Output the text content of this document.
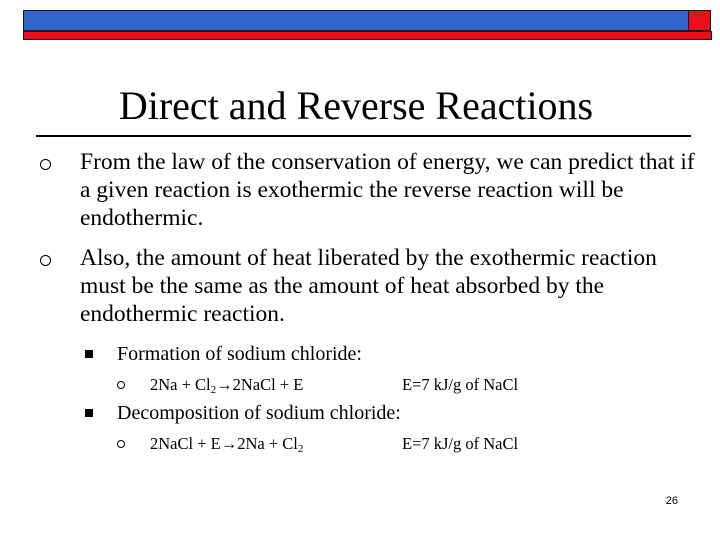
Direct and Reverse Reactions

From the law of the conservation of energy, we can predict that if a given reaction is exothermic the reverse reaction will be endothermic.

Also, the amount of heat liberated by the exothermic reaction must be the same as the amount of heat absorbed by the endothermic reaction.

Formation of sodium chloride:

$2Na + Cl_2\to 2NaCl + E$	E=7 kJ/g of NaCl

Decomposition of sodium chloride:

2NaCl + $E\to 2Na + Cl_2$	E=7 kJ/g of NaCl
26
